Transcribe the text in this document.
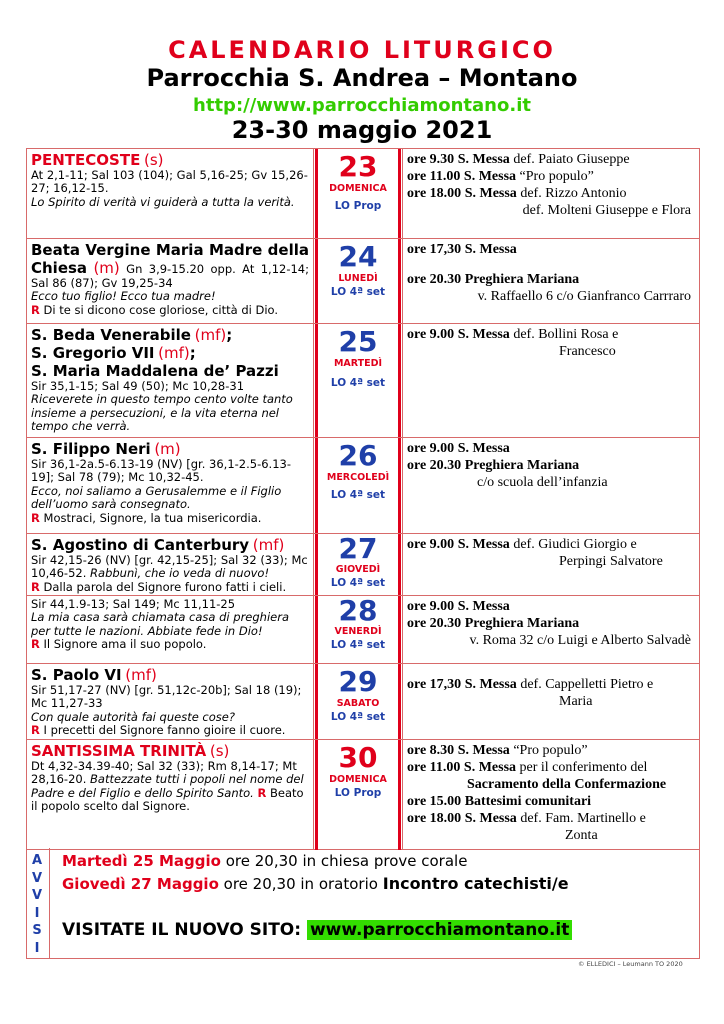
CALENDARIO LITURGICO
Parrocchia S. Andrea – Montano
http://www.parrocchiamontano.it
23-30 maggio 2021
PENTECOSTE (s)
At 2,1-11; Sal 103 (104); Gal 5,16-25; Gv 15,26-27; 16,12-15.
Lo Spirito di verità vi guiderà a tutta la verità.
23
DOMENICA
LO Prop
ore 9.30 S. Messa def. Paiato Giuseppe
ore 11.00 S. Messa “Pro populo”
ore 18.00 S. Messa def. Rizzo Antonio
def. Molteni Giuseppe e Flora
Beata Vergine Maria Madre della Chiesa (m) Gn 3,9-15.20 opp. At 1,12-14; Sal 86 (87); Gv 19,25-34
Ecco tuo figlio! Ecco tua madre!
R Di te si dicono cose gloriose, città di Dio.
24
LUNEDÌ
LO 4ª set
ore 17,30 S. Messa
ore 20.30 Preghiera Mariana
v. Raffaello 6 c/o Gianfranco Carrraro
S. Beda Venerabile (mf);
S. Gregorio VII (mf);
S. Maria Maddalena de’ Pazzi
Sir 35,1-15; Sal 49 (50); Mc 10,28-31
Riceverete in questo tempo cento volte tanto insieme a persecuzioni, e la vita eterna nel tempo che verrà.
25
MARTEDÌ
LO 4ª set
ore 9.00 S. Messa def. Bollini Rosa e
Francesco
S. Filippo Neri (m)
Sir 36,1-2a.5-6.13-19 (NV) [gr. 36,1-2.5-6.13-19]; Sal 78 (79); Mc 10,32-45.
Ecco, noi saliamo a Gerusalemme e il Figlio dell’uomo sarà consegnato.
R Mostraci, Signore, la tua misericordia.
26
MERCOLEDÌ
LO 4ª set
ore 9.00 S. Messa
ore 20.30 Preghiera Mariana
c/o scuola dell’infanzia
S. Agostino di Canterbury (mf)
Sir 42,15-26 (NV) [gr. 42,15-25]; Sal 32 (33); Mc 10,46-52. Rabbunì, che io veda di nuovo!
R Dalla parola del Signore furono fatti i cieli.
27
GIOVEDÌ
LO 4ª set
ore 9.00 S. Messa def. Giudici Giorgio e
Perpingi Salvatore
Sir 44,1.9-13; Sal 149; Mc 11,11-25
La mia casa sarà chiamata casa di preghiera per tutte le nazioni. Abbiate fede in Dio!
R Il Signore ama il suo popolo.
28
VENERDÌ
LO 4ª set
ore 9.00 S. Messa
ore 20.30 Preghiera Mariana
v. Roma 32 c/o Luigi e Alberto Salvadè
S. Paolo VI (mf)
Sir 51,17-27 (NV) [gr. 51,12c-20b]; Sal 18 (19); Mc 11,27-33
Con quale autorità fai queste cose?
R I precetti del Signore fanno gioire il cuore.
29
SABATO
LO 4ª set
ore 17,30 S. Messa def. Cappelletti Pietro e
Maria
SANTISSIMA TRINITÀ (s)
Dt 4,32-34.39-40; Sal 32 (33); Rm 8,14-17; Mt 28,16-20. Battezzate tutti i popoli nel nome del Padre e del Figlio e dello Spirito Santo. R Beato il popolo scelto dal Signore.
30
DOMENICA
LO Prop
ore 8.30 S. Messa “Pro populo”
ore 11.00 S. Messa per il conferimento del
Sacramento della Confermazione
ore 15.00 Battesimi comunitari
ore 18.00 S. Messa def. Fam. Martinello e
Zonta
A
V
V
I
S
I
Martedì 25 Maggio ore 20,30 in chiesa prove corale
Giovedì 27 Maggio ore 20,30 in oratorio Incontro catechisti/e
VISITATE IL NUOVO SITO: www.parrocchiamontano.it
© ELLEDICI – Leumann TO 2020
